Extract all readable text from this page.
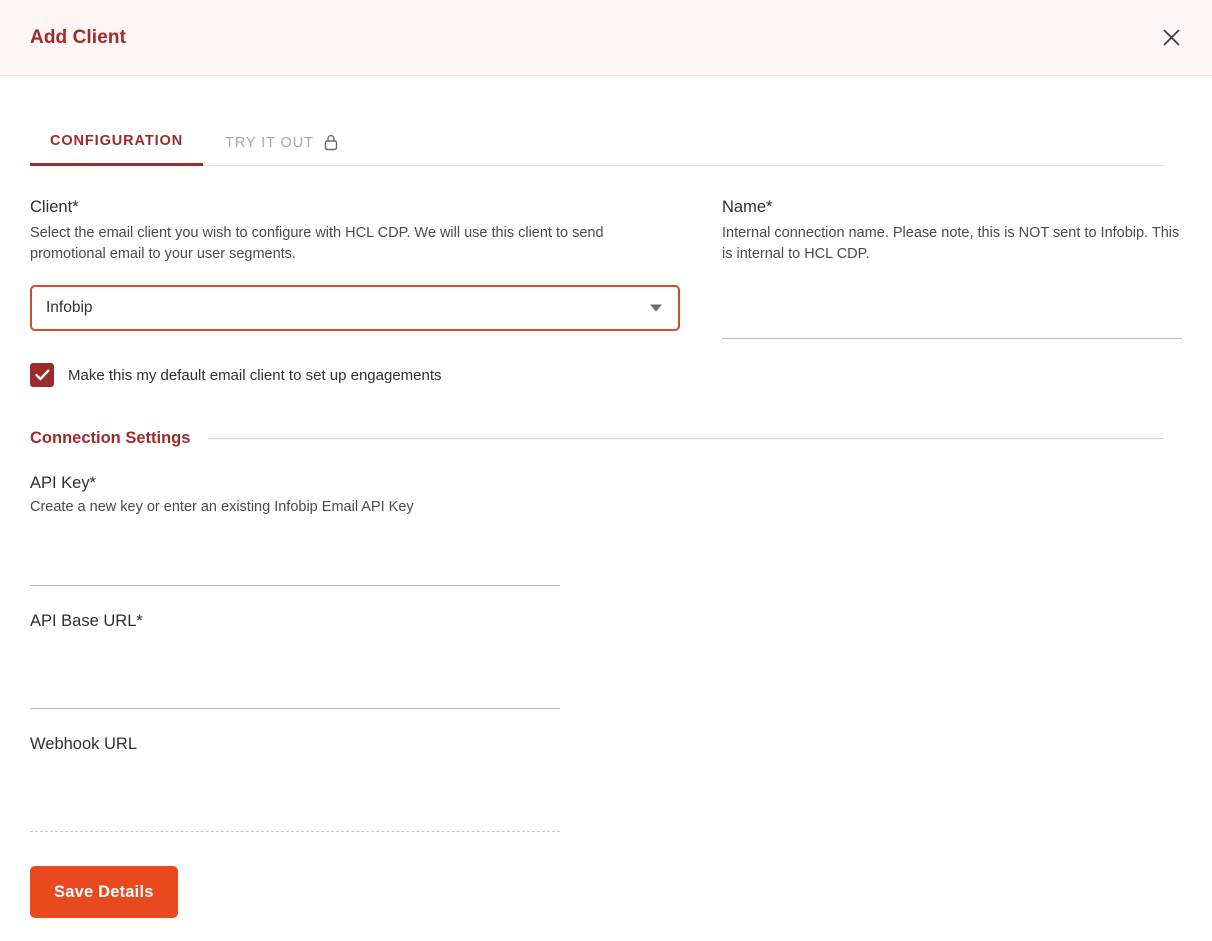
Add Client
CONFIGURATION	TRY IT OUT

Client*

Select the email client you wish to configure with HCL CDP. We will use this client to send promotional email to your user segments.

Infobip
Make this my default email client to set up engagements

Name*

Internal connection name. Please note, this is NOT sent to Infobip. This is internal to HCL CDP.

Connection Settings

API Key*

Create a new key or enter an existing Infobip Email API Key

API Base URL*

Webhook URL

Save Details
